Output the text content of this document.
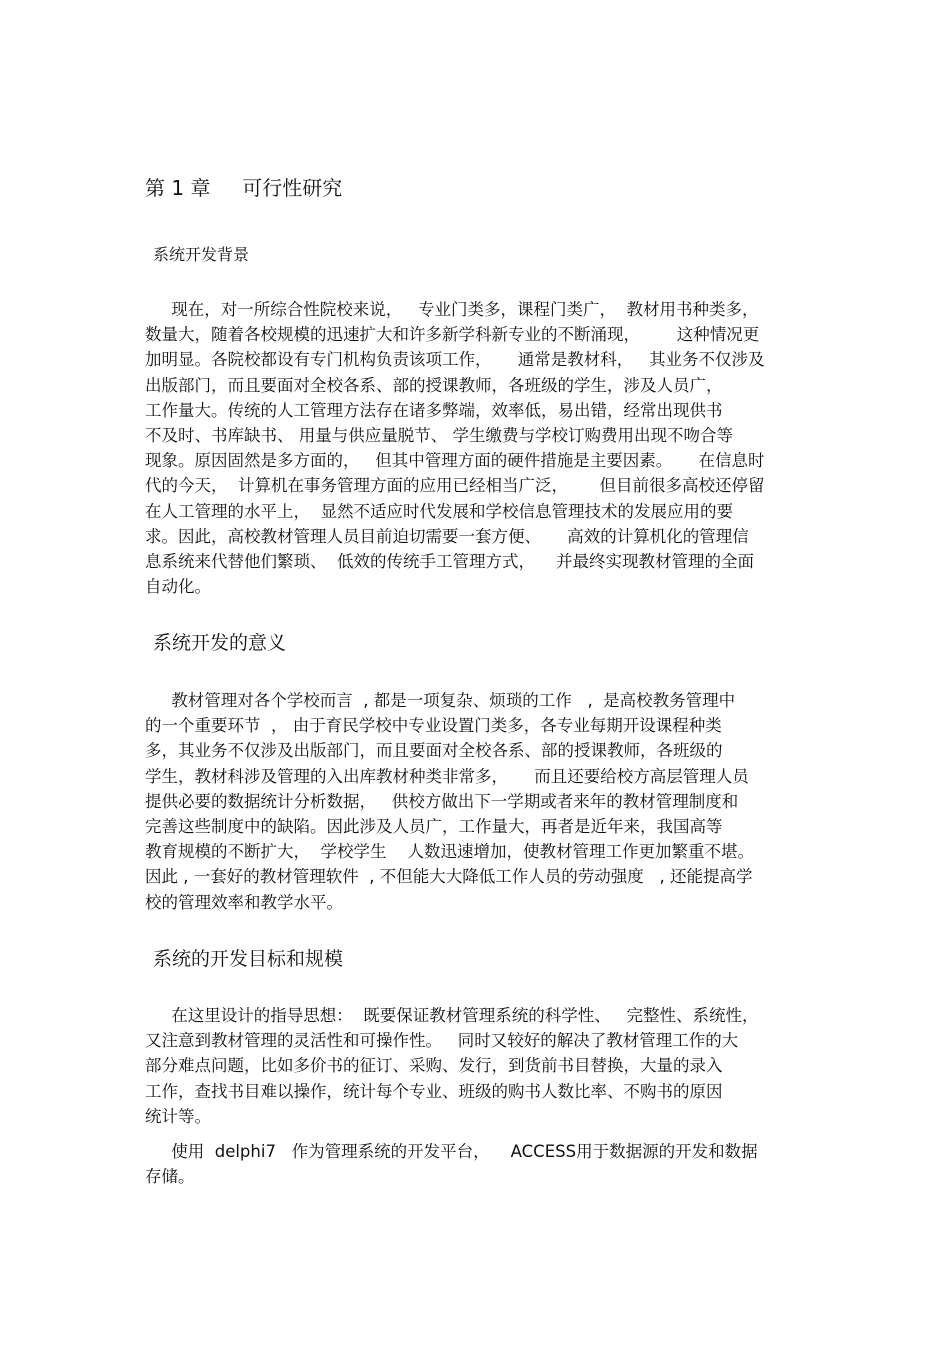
第 1 章     可行性研究
系统开发背景
现在，对一所综合性院校来说，   专业门类多，课程门类广，  教材用书种类多，
数量大，随着各校规模的迅速扩大和许多新学科新专业的不断涌现，       这种情况更
加明显。各院校都设有专门机构负责该项工作，     通常是教材科，   其业务不仅涉及
出版部门，而且要面对全校各系、部的授课教师，各班级的学生，涉及人员广，
工作量大。传统的人工管理方法存在诸多弊端，效率低，易出错，经常出现供书
不及时、书库缺书、 用量与供应量脱节、 学生缴费与学校订购费用出现不吻合等
现象。原因固然是多方面的，   但其中管理方面的硬件措施是主要因素。     在信息时
代的今天，  计算机在事务管理方面的应用已经相当广泛，      但目前很多高校还停留
在人工管理的水平上，  显然不适应时代发展和学校信息管理技术的发展应用的要
求。因此，高校教材管理人员目前迫切需要一套方便、     高效的计算机化的管理信
息系统来代替他们繁琐、  低效的传统手工管理方式，    并最终实现教材管理的全面
自动化。
系统开发的意义
教材管理对各个学校而言  , 都是一项复杂、烦琐的工作   ,  是高校教务管理中
的一个重要环节  ， 由于育民学校中专业设置门类多，各专业每期开设课程种类
多，其业务不仅涉及出版部门，而且要面对全校各系、部的授课教师，各班级的
学生，教材科涉及管理的入出库教材种类非常多，     而且还要给校方高层管理人员
提供必要的数据统计分析数据，   供校方做出下一学期或者来年的教材管理制度和
完善这些制度中的缺陷。因此涉及人员广，工作量大，再者是近年来，我国高等
教育规模的不断扩大，  学校学生    人数迅速增加，使教材管理工作更加繁重不堪。
因此 , 一套好的教材管理软件  , 不但能大大降低工作人员的劳动强度   , 还能提高学
校的管理效率和教学水平。
系统的开发目标和规模
在这里设计的指导思想：  既要保证教材管理系统的科学性、   完整性、系统性，
又注意到教材管理的灵活性和可操作性。   同时又较好的解决了教材管理工作的大
部分难点问题，比如多价书的征订、采购、发行，到货前书目替换，大量的录入
工作，查找书目难以操作，统计每个专业、班级的购书人数比率、不购书的原因
统计等。
使用  delphi7   作为管理系统的开发平台，    ACCESS用于数据源的开发和数据
存储。
